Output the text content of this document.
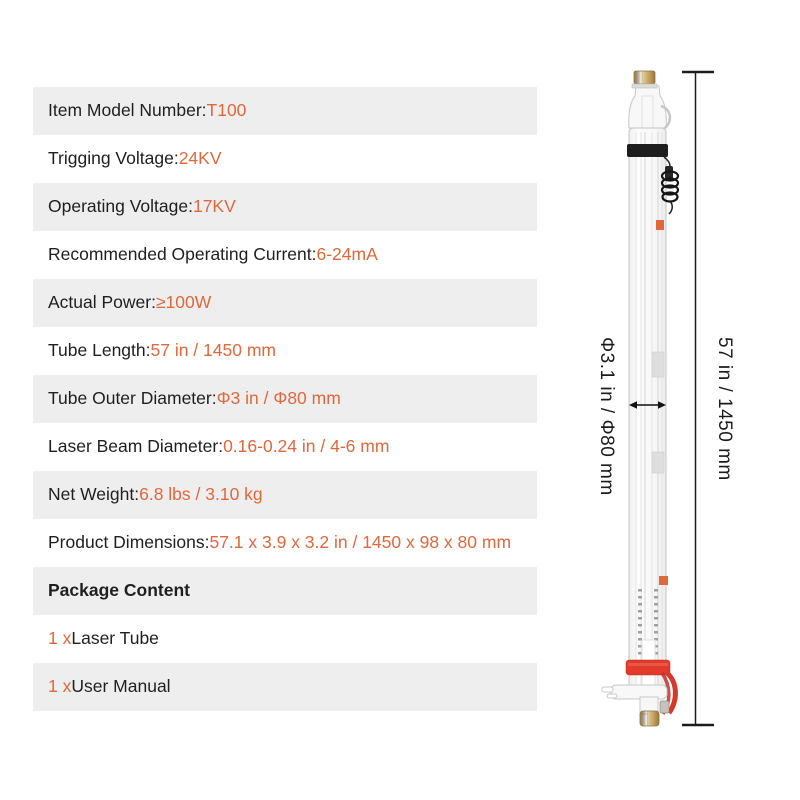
Item Model Number: T100
Trigging Voltage: 24KV
Operating Voltage: 17KV
Recommended Operating Current: 6-24mA
Actual Power: ≥100W
Tube Length: 57 in / 1450 mm
Tube Outer Diameter: Φ3 in / Φ80 mm
Laser Beam Diameter: 0.16-0.24 in / 4-6 mm
Net Weight: 6.8 lbs / 3.10 kg
Product Dimensions: 57.1 x 3.9 x 3.2 in / 1450 x 98 x 80 mm
Package Content
1 x Laser Tube
1 x User Manual
Φ3.1 in / Φ80 mm	57 in / 1450 mm
